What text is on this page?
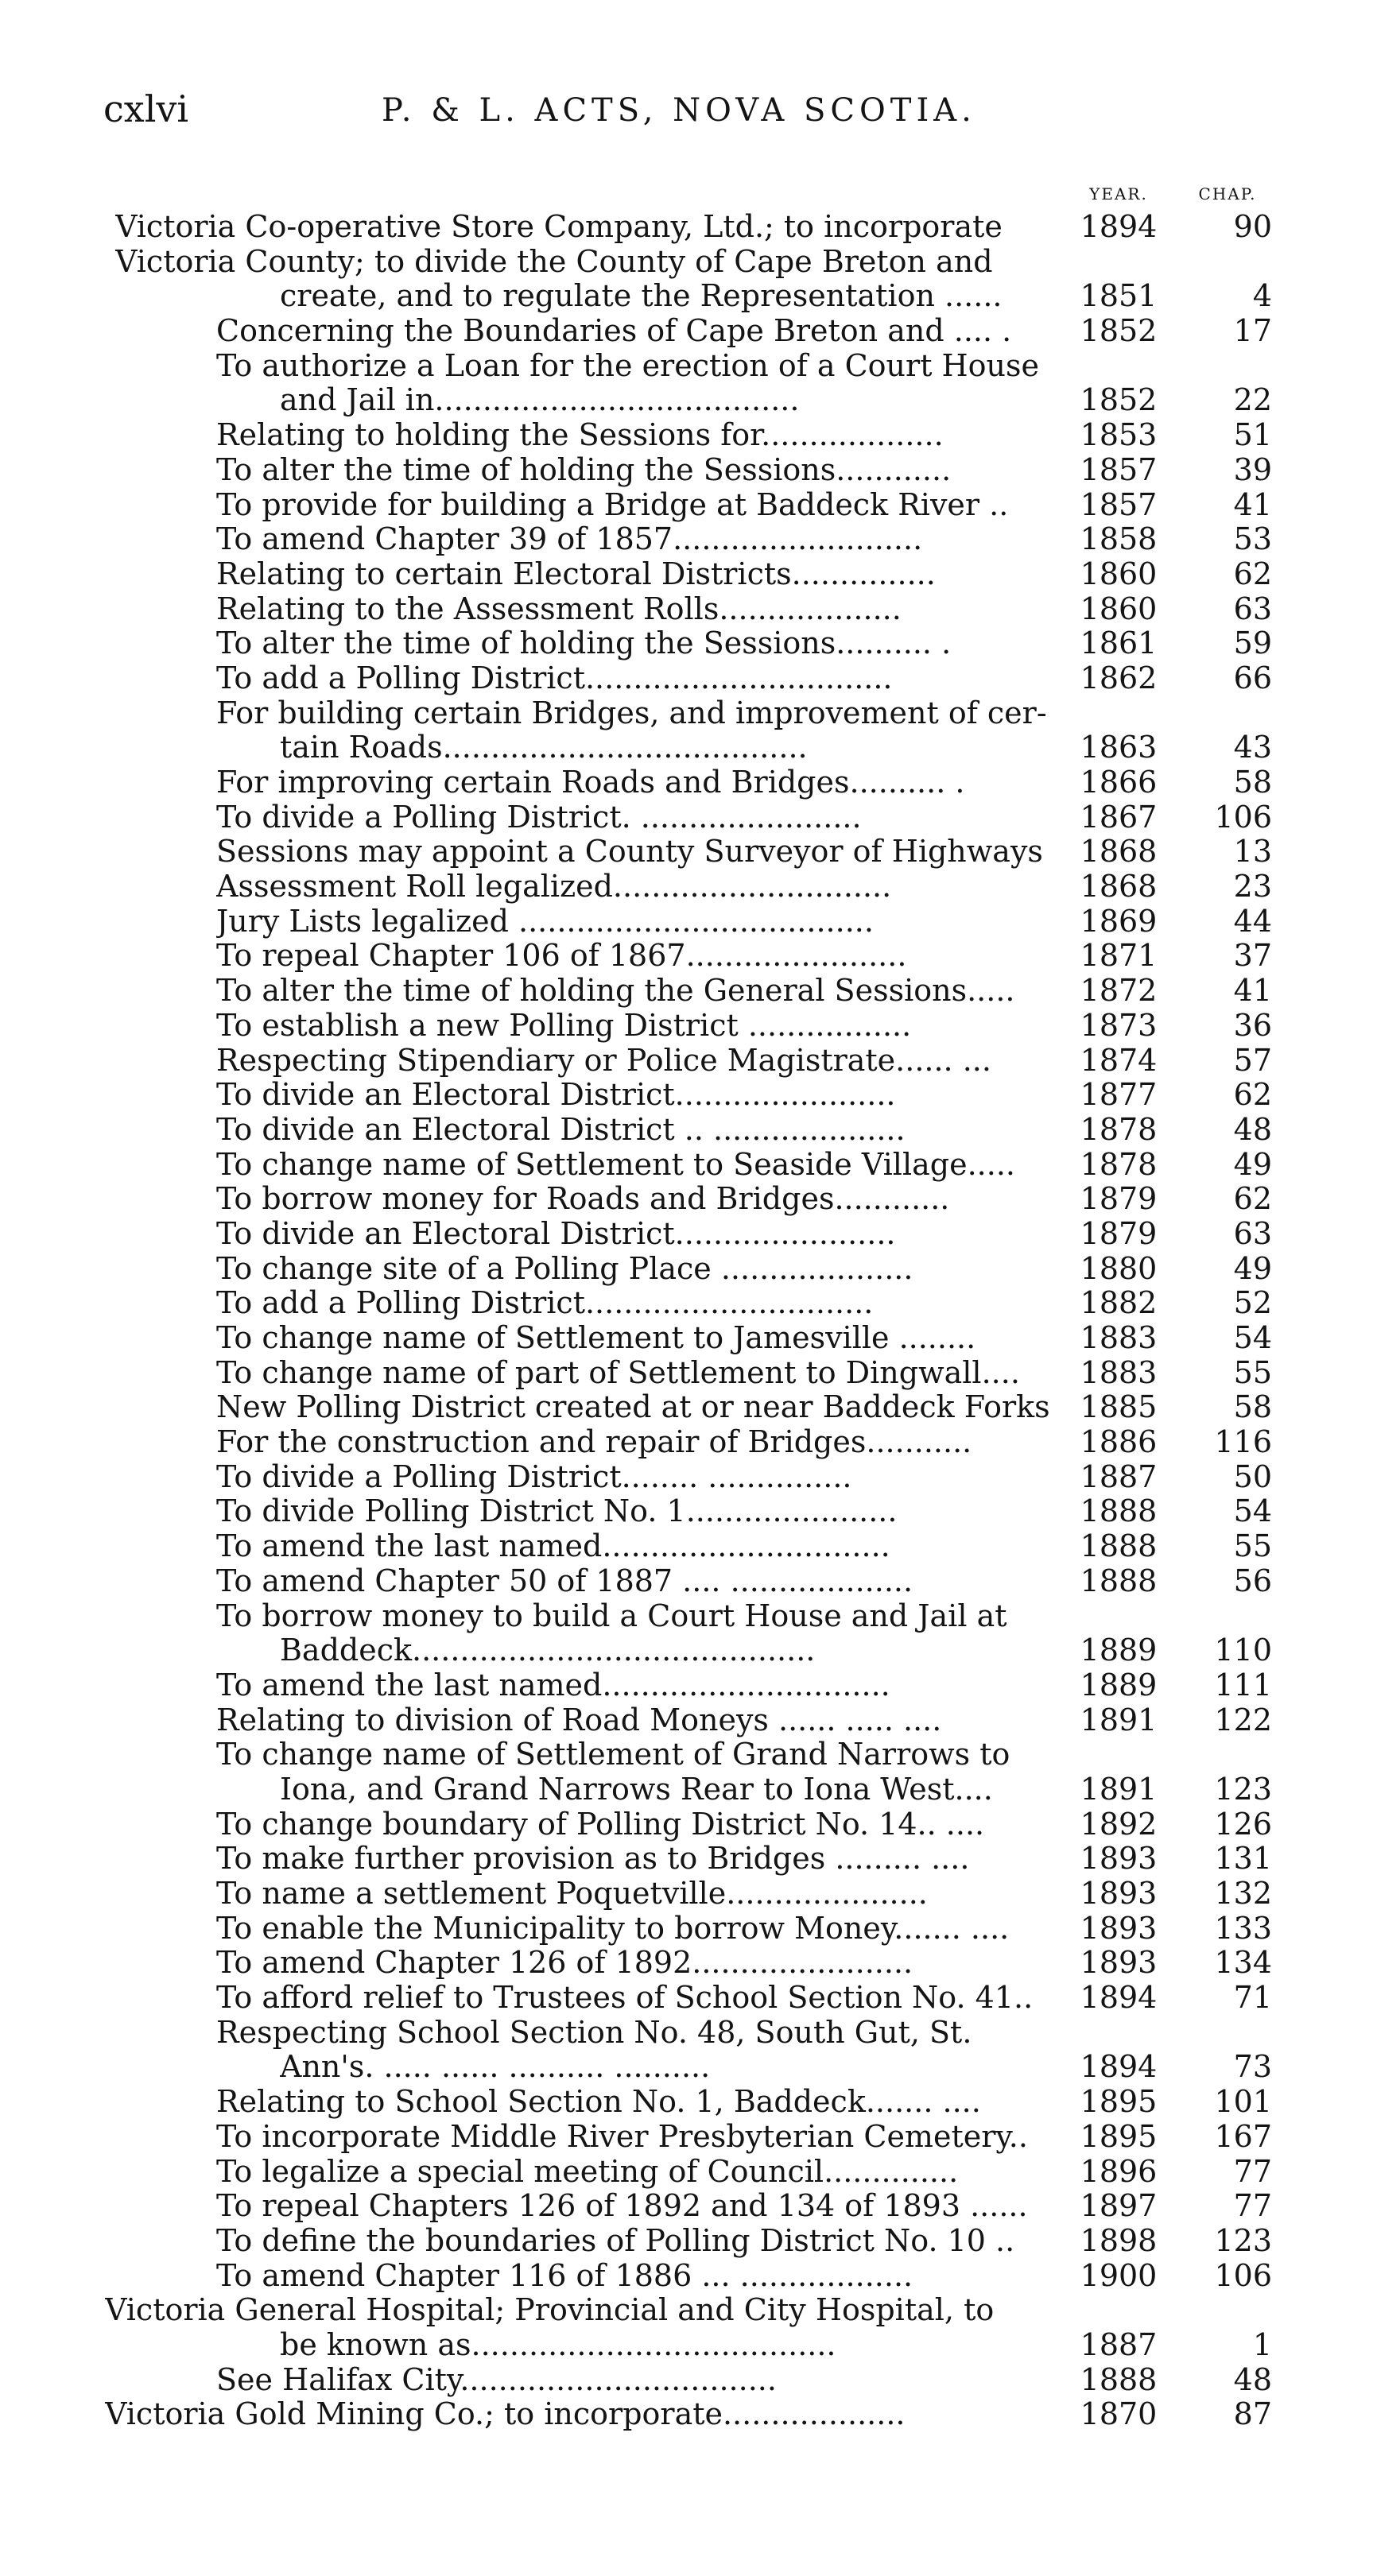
cxlvi	P. & L. ACTS, NOVA SCOTIA.
YEAR.	CHAP.
Victoria Co-operative Store Company, Ltd.; to incorporate	1894	90
Victoria County; to divide the County of Cape Breton and
create, and to regulate the Representation ......	1851	4
Concerning the Boundaries of Cape Breton and .... .	1852	17
To authorize a Loan for the erection of a Court House
and Jail in......................................	1852	22
Relating to holding the Sessions for...................	1853	51
To alter the time of holding the Sessions............	1857	39
To provide for building a Bridge at Baddeck River ..	1857	41
To amend Chapter 39 of 1857..........................	1858	53
Relating to certain Electoral Districts...............	1860	62
Relating to the Assessment Rolls...................	1860	63
To alter the time of holding the Sessions.......... .	1861	59
To add a Polling District................................	1862	66
For building certain Bridges, and improvement of cer-
tain Roads......................................	1863	43
For improving certain Roads and Bridges.......... .	1866	58
To divide a Polling District. .......................	1867	106
Sessions may appoint a County Surveyor of Highways	1868	13
Assessment Roll legalized.............................	1868	23
Jury Lists legalized .....................................	1869	44
To repeal Chapter 106 of 1867.......................	1871	37
To alter the time of holding the General Sessions.....	1872	41
To establish a new Polling District .................	1873	36
Respecting Stipendiary or Police Magistrate...... ...	1874	57
To divide an Electoral District.......................	1877	62
To divide an Electoral District .. ....................	1878	48
To change name of Settlement to Seaside Village.....	1878	49
To borrow money for Roads and Bridges............	1879	62
To divide an Electoral District.......................	1879	63
To change site of a Polling Place ....................	1880	49
To add a Polling District..............................	1882	52
To change name of Settlement to Jamesville ........	1883	54
To change name of part of Settlement to Dingwall....	1883	55
New Polling District created at or near Baddeck Forks	1885	58
For the construction and repair of Bridges...........	1886	116
To divide a Polling District........ ...............	1887	50
To divide Polling District No. 1......................	1888	54
To amend the last named..............................	1888	55
To amend Chapter 50 of 1887 .... ...................	1888	56
To borrow money to build a Court House and Jail at
Baddeck..........................................	1889	110
To amend the last named..............................	1889	111
Relating to division of Road Moneys ...... ..... ....	1891	122
To change name of Settlement of Grand Narrows to
Iona, and Grand Narrows Rear to Iona West....	1891	123
To change boundary of Polling District No. 14.. ....	1892	126
To make further provision as to Bridges ......... ....	1893	131
To name a settlement Poquetville.....................	1893	132
To enable the Municipality to borrow Money....... ....	1893	133
To amend Chapter 126 of 1892.......................	1893	134
To afford relief to Trustees of School Section No. 41..	1894	71
Respecting School Section No. 48, South Gut, St.
Ann's. ..... ...... .......... ..........	1894	73
Relating to School Section No. 1, Baddeck....... ....	1895	101
To incorporate Middle River Presbyterian Cemetery..	1895	167
To legalize a special meeting of Council..............	1896	77
To repeal Chapters 126 of 1892 and 134 of 1893 ......	1897	77
To define the boundaries of Polling District No. 10 ..	1898	123
To amend Chapter 116 of 1886 ... ..................	1900	106
Victoria General Hospital; Provincial and City Hospital, to
be known as......................................	1887	1
See Halifax City.................................	1888	48
Victoria Gold Mining Co.; to incorporate...................	1870	87
